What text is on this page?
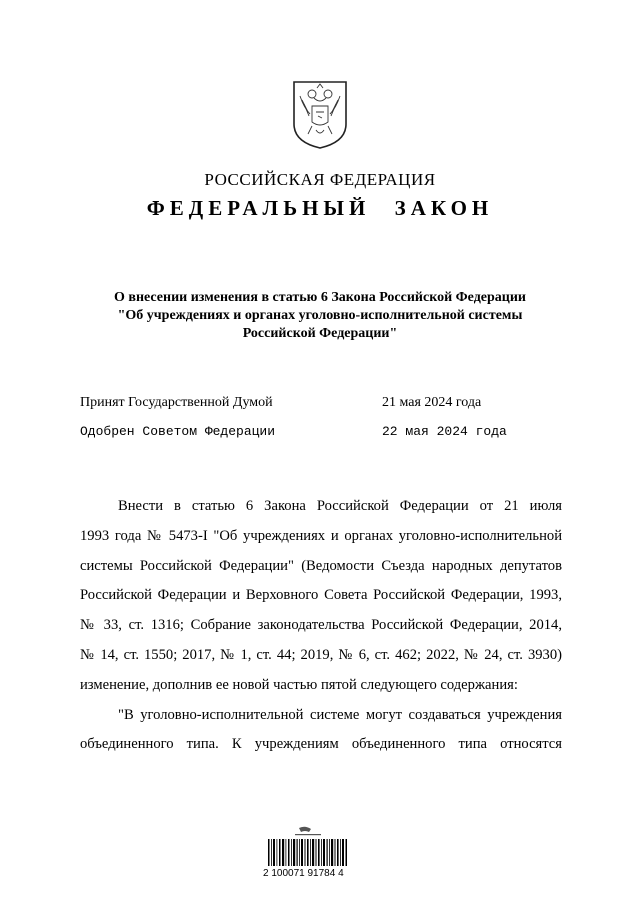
РОССИЙСКАЯ ФЕДЕРАЦИЯ
ФЕДЕРАЛЬНЫЙ ЗАКОН
О внесении изменения в статью 6 Закона Российской Федерации
"Об учреждениях и органах уголовно-исполнительной системы
Российской Федерации"
Принят Государственной Думой	21 мая 2024 года
Одобрен Советом Федерации	22 мая 2024 года
Внести в статью 6 Закона Российской Федерации от 21 июля
1993 года № 5473-I "Об учреждениях и органах уголовно-исполнительной
системы Российской Федерации" (Ведомости Съезда народных депутатов
Российской Федерации и Верховного Совета Российской Федерации, 1993,
№ 33, ст. 1316; Собрание законодательства Российской Федерации, 2014,
№ 14, ст. 1550; 2017, № 1, ст. 44; 2019, № 6, ст. 462; 2022, № 24, ст. 3930)
изменение, дополнив ее новой частью пятой следующего содержания:
"В уголовно-исполнительной системе могут создаваться учреждения
объединенного типа. К учреждениям объединенного типа относятся
2 100071 91784 4
